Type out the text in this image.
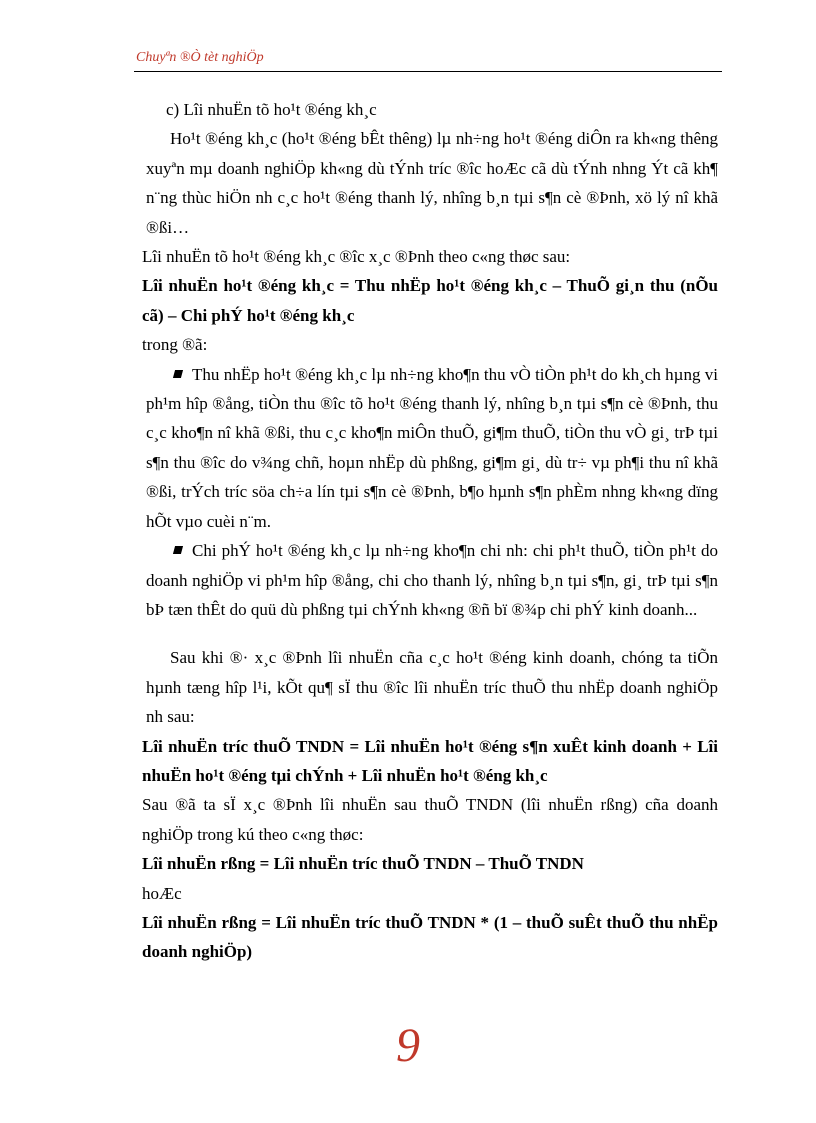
Chuyªn ®Ò tèt nghiÖp

c) Lîi nhuËn tõ ho¹t ®éng kh¸c

Ho¹t ®éng kh¸c (ho¹t ®éng bÊt thêng) lµ nh÷ng ho¹t ®éng diÔn ra kh«ng thêng xuyªn mµ doanh nghiÖp kh«ng dù tÝnh tríc ®îc hoÆc cã dù tÝnh nhng Ýt cã kh¶ n¨ng thùc hiÖn nh c¸c ho¹t ®éng thanh lý, nhîng b¸n tµi s¶n cè ®Þnh, xö lý nî khã ®ßi…

Lîi nhuËn tõ ho¹t ®éng kh¸c ®îc x¸c ®Þnh theo c«ng thøc sau:

Lîi nhuËn ho¹t ®éng kh¸c = Thu nhËp ho¹t ®éng kh¸c – ThuÕ gi¸n thu (nÕu cã) – Chi phÝ ho¹t ®éng kh¸c

trong ®ã:

Thu nhËp ho¹t ®éng kh¸c lµ nh÷ng kho¶n thu vÒ tiÒn ph¹t do kh¸ch hµng vi ph¹m hîp ®ång, tiÒn thu ®îc tõ ho¹t ®éng thanh lý, nhîng b¸n tµi s¶n cè ®Þnh, thu c¸c kho¶n nî khã ®ßi, thu c¸c kho¶n miÔn thuÕ, gi¶m thuÕ, tiÒn thu vÒ gi¸ trÞ tµi s¶n thu ®îc do v¾ng chñ, hoµn nhËp dù phßng, gi¶m gi¸ dù tr÷ vµ ph¶i thu nî khã ®ßi, trÝch tríc söa ch÷a lín tµi s¶n cè ®Þnh, b¶o hµnh s¶n phÈm nhng kh«ng dïng hÕt vµo cuèi n¨m.

Chi phÝ ho¹t ®éng kh¸c lµ nh÷ng kho¶n chi nh: chi ph¹t thuÕ, tiÒn ph¹t do doanh nghiÖp vi ph¹m hîp ®ång, chi cho thanh lý, nhîng b¸n tµi s¶n, gi¸ trÞ tµi s¶n bÞ tæn thÊt do quü dù phßng tµi chÝnh kh«ng ®ñ bï ®¾p chi phÝ kinh doanh...

Sau khi ®· x¸c ®Þnh lîi nhuËn cña c¸c ho¹t ®éng kinh doanh, chóng ta tiÕn hµnh tæng hîp l¹i, kÕt qu¶ sÏ thu ®îc lîi nhuËn tríc thuÕ thu nhËp doanh nghiÖp nh sau:

Lîi nhuËn tríc thuÕ TNDN = Lîi nhuËn ho¹t ®éng s¶n xuÊt kinh doanh + Lîi nhuËn ho¹t ®éng tµi chÝnh + Lîi nhuËn ho¹t ®éng kh¸c

Sau ®ã ta sÏ x¸c ®Þnh lîi nhuËn sau thuÕ TNDN (lîi nhuËn rßng) cña doanh nghiÖp trong kú theo c«ng thøc:

Lîi nhuËn rßng = Lîi nhuËn tríc thuÕ TNDN – ThuÕ TNDN

hoÆc

Lîi nhuËn rßng = Lîi nhuËn tríc thuÕ TNDN * (1 – thuÕ suÊt thuÕ thu nhËp doanh nghiÖp)

9
